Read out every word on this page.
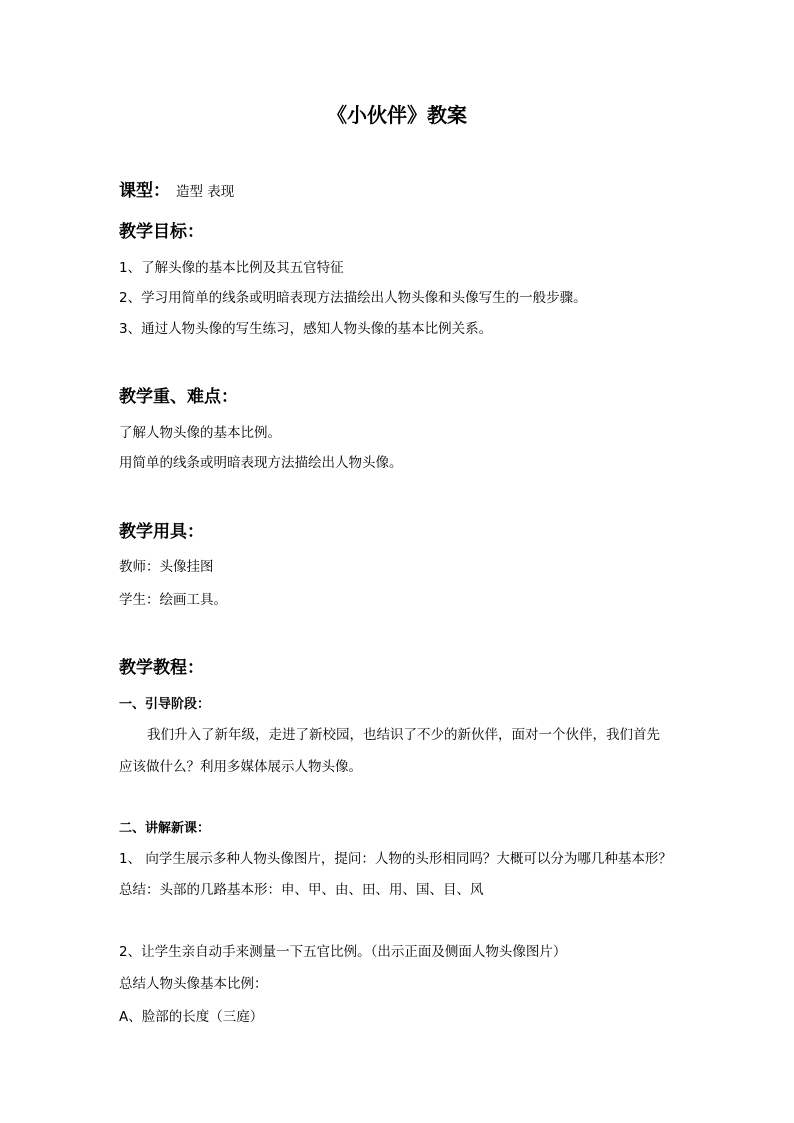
《小伙伴》教案
课型： 造型 表现
教学目标：
1、了解头像的基本比例及其五官特征
2、学习用简单的线条或明暗表现方法描绘出人物头像和头像写生的一般步骤。
3、通过人物头像的写生练习，感知人物头像的基本比例关系。
教学重、难点：
了解人物头像的基本比例。
用简单的线条或明暗表现方法描绘出人物头像。
教学用具：
教师：头像挂图
学生：绘画工具。
教学教程：
一、引导阶段：
我们升入了新年级，走进了新校园，也结识了不少的新伙伴，面对一个伙伴，我们首先
应该做什么？利用多媒体展示人物头像。
二、讲解新课：
1、 向学生展示多种人物头像图片，提问：人物的头形相同吗？大概可以分为哪几种基本形？
总结：头部的几路基本形：申、甲、由、田、用、国、目、风
2、让学生亲自动手来测量一下五官比例。（出示正面及侧面人物头像图片）
总结人物头像基本比例：
A、脸部的长度（三庭）
